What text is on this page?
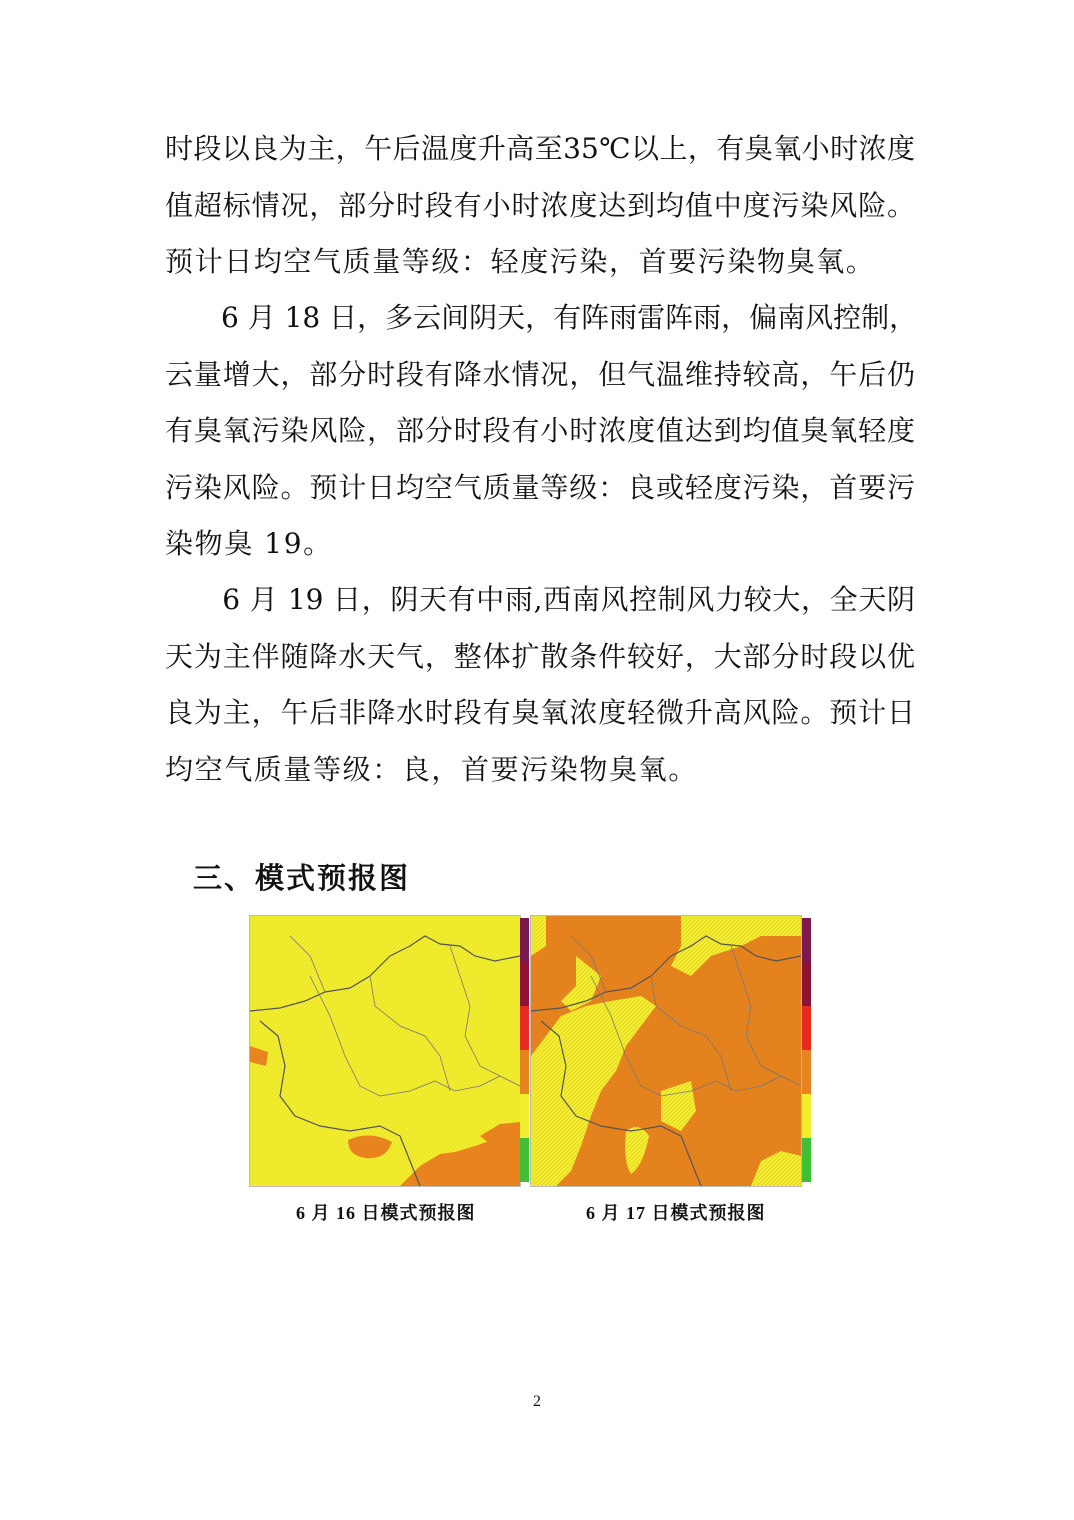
时段以良为主，午后温度升高至35℃以上，有臭氧小时浓度
值超标情况，部分时段有小时浓度达到均值中度污染风险。
预计日均空气质量等级：轻度污染，首要污染物臭氧。
　　6 月 18 日，多云间阴天，有阵雨雷阵雨，偏南风控制，
云量增大，部分时段有降水情况，但气温维持较高，午后仍
有臭氧污染风险，部分时段有小时浓度值达到均值臭氧轻度
污染风险。预计日均空气质量等级：良或轻度污染，首要污
染物臭 19。
　　6 月 19 日，阴天有中雨,西南风控制风力较大，全天阴
天为主伴随降水天气，整体扩散条件较好，大部分时段以优
良为主，午后非降水时段有臭氧浓度轻微升高风险。预计日
均空气质量等级：良，首要污染物臭氧。
三、模式预报图
6 月 16 日模式预报图	6 月 17 日模式预报图
2
